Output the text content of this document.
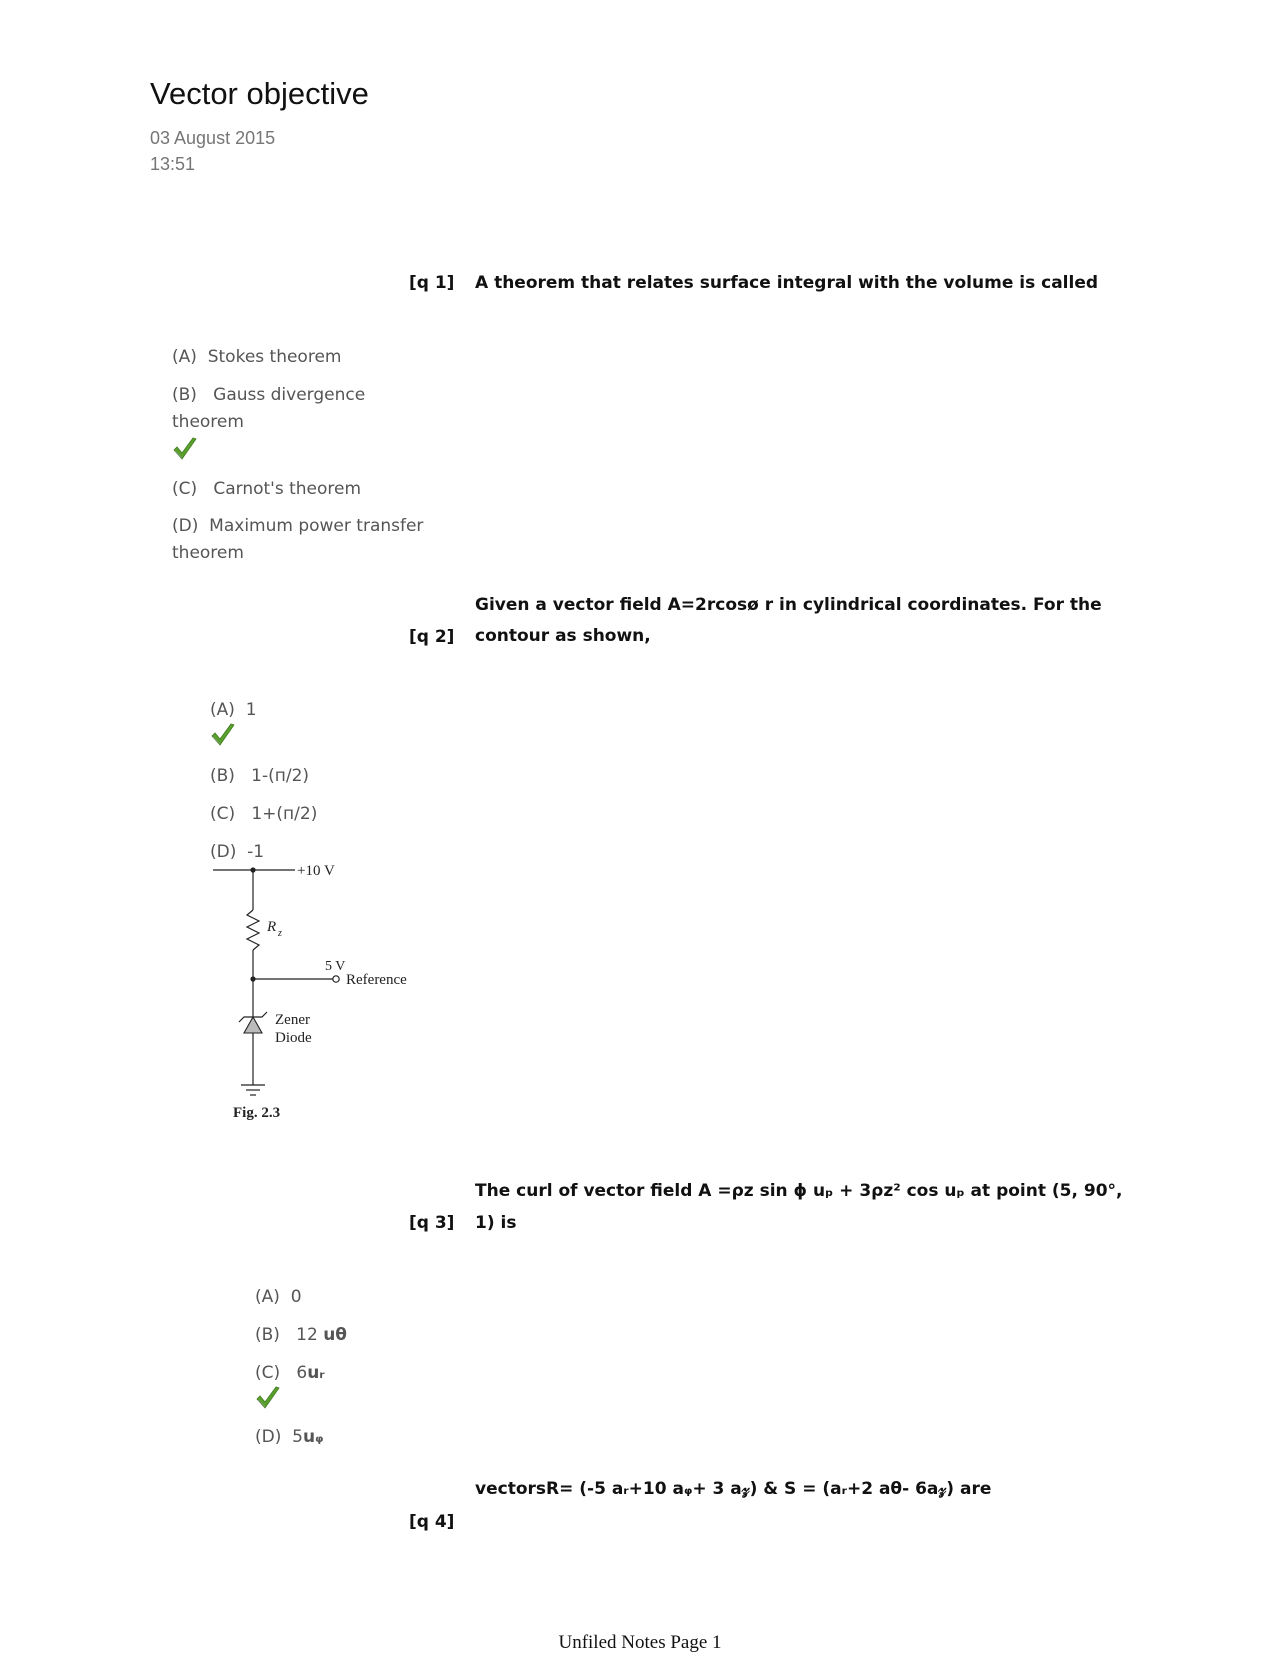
Vector objective
03 August 2015
13:51
[q 1] A theorem that relates surface integral with the volume is called
(A) Stokes theorem
(B) Gauss divergence
theorem
(C) Carnot's theorem
(D) Maximum power transfer
theorem
Given a vector field A=2rcosø r in cylindrical coordinates. For the
[q 2] contour as shown,
(A) 1
(B) 1-(п/2)
(C) 1+(п/2)
(D) -1
+10 V
R z
5 V
Reference
Zener
Diode
Fig. 2.3
The curl of vector field A =ρz sin ϕ uₚ + 3ρz² cos uₚ at point (5, 90°,
[q 3] 1) is
(A) 0
(B) 12 uθ
(C) 6uᵣ
(D) 5uᵩ
vectorsR= (-5 aᵣ+10 aᵩ+ 3 a𝓏) & S = (aᵣ+2 aθ- 6a𝓏) are
[q 4]
Unfiled Notes Page 1
